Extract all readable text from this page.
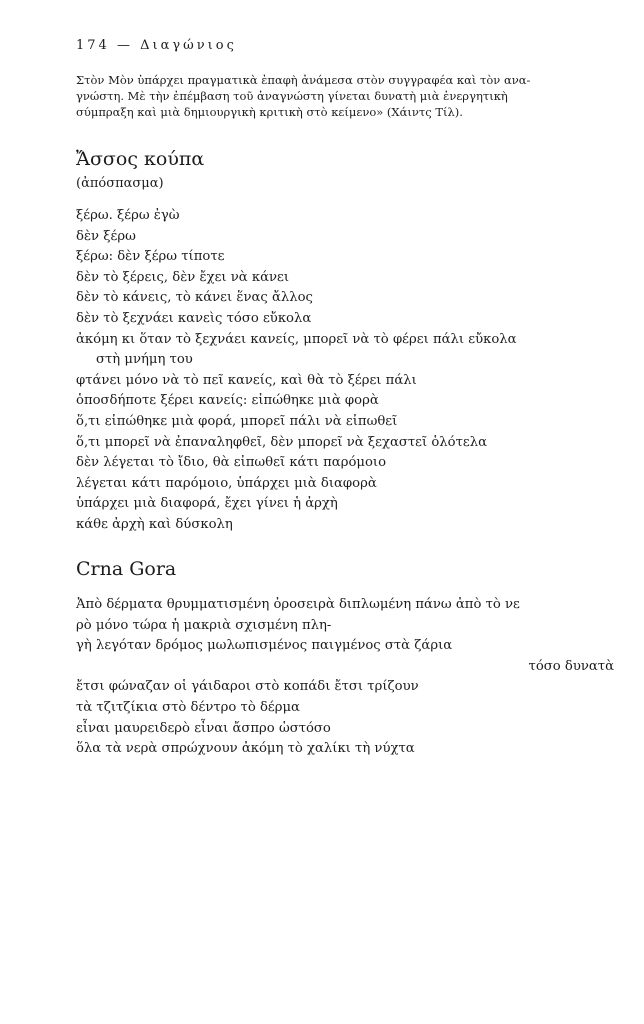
174 — Διαγώνιος
Στὸν Μὸν ὑπάρχει πραγματικὰ ἐπαφὴ ἀνάμεσα στὸν συγγραφέα καὶ τὸν ανα-
γνώστη. Μὲ τὴν ἐπέμβαση τοῦ ἀναγνώστη γίνεται δυνατὴ μιὰ ἐνεργητικὴ
σύμπραξη καὶ μιὰ δημιουργικὴ κριτικὴ στὸ κείμενο» (Χάιντς Τίλ).
Ἄσσος κούπα
(ἀπόσπασμα)
ξέρω. ξέρω ἐγὼ
δὲν ξέρω
ξέρω: δὲν ξέρω τίποτε
δὲν τὸ ξέρεις, δὲν ἔχει νὰ κάνει
δὲν τὸ κάνεις, τὸ κάνει ἕνας ἄλλος
δὲν τὸ ξεχνάει κανεὶς τόσο εὔκολα
ἀκόμη κι ὅταν τὸ ξεχνάει κανείς, μπορεῖ νὰ τὸ φέρει πάλι εὔκολα
στὴ μνήμη του
φτάνει μόνο νὰ τὸ πεῖ κανείς, καὶ θὰ τὸ ξέρει πάλι
ὁποσδήποτε ξέρει κανείς: εἰπώθηκε μιὰ φορὰ
ὅ,τι εἰπώθηκε μιὰ φορά, μπορεῖ πάλι νὰ εἰπωθεῖ
ὅ,τι μπορεῖ νὰ ἐπαναληφθεῖ, δὲν μπορεῖ νὰ ξεχαστεῖ ὁλότελα
δὲν λέγεται τὸ ἴδιο, θὰ εἰπωθεῖ κάτι παρόμοιο
λέγεται κάτι παρόμοιο, ὑπάρχει μιὰ διαφορὰ
ὑπάρχει μιὰ διαφορά, ἔχει γίνει ἡ ἀρχὴ
κάθε ἀρχὴ καὶ δύσκολη
Crna Gora
Ἀπὸ δέρματα θρυμματισμένη ὀροσειρὰ διπλωμένη πάνω ἀπὸ τὸ νε
ρὸ μόνο τώρα ἡ μακριὰ σχισμένη πλη-
γὴ λεγόταν δρόμος μωλωπισμένος παιγμένος στὰ ζάρια
τόσο δυνατὰ
ἔτσι φώναζαν οἱ γάιδαροι στὸ κοπάδι ἔτσι τρίζουν
τὰ τζιτζίκια στὸ δέντρο τὸ δέρμα
εἶναι μαυρειδερὸ εἶναι ἄσπρο ὡστόσο
ὅλα τὰ νερὰ σπρώχνουν ἀκόμη τὸ χαλίκι τὴ νύχτα
